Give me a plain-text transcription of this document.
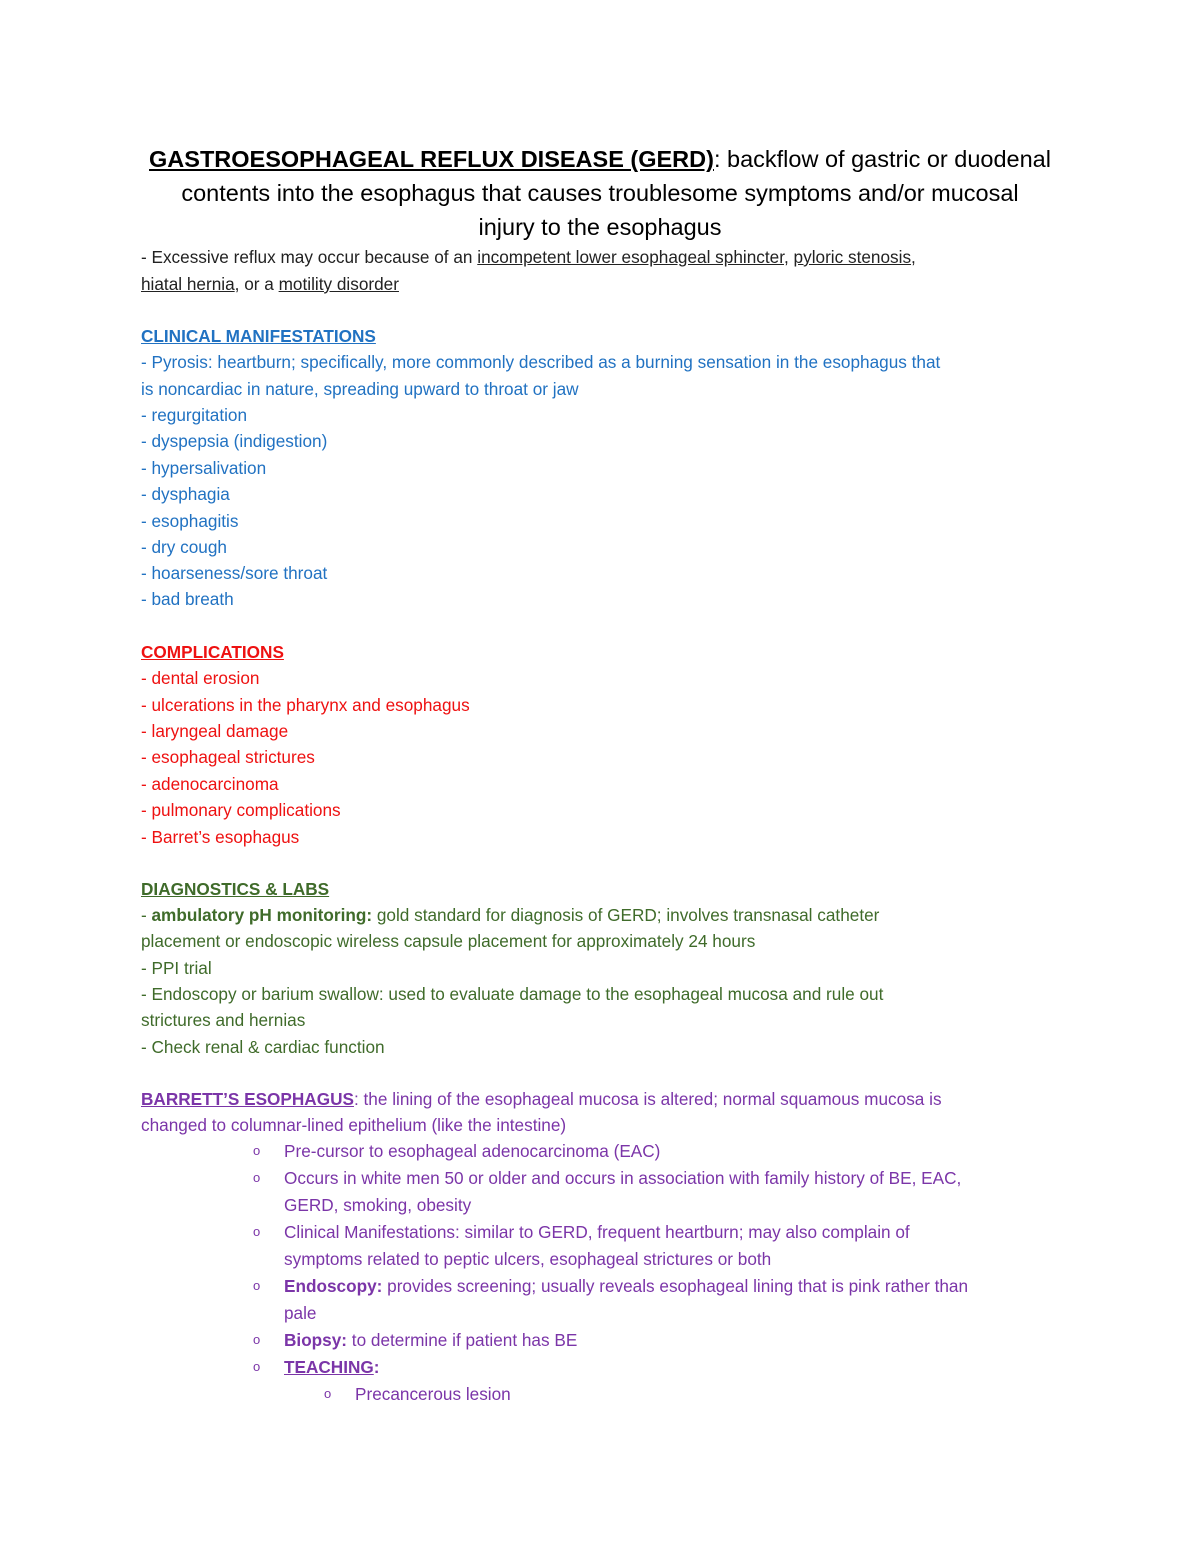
GASTROESOPHAGEAL REFLUX DISEASE (GERD): backflow of gastric or duodenal
contents into the esophagus that causes troublesome symptoms and/or mucosal
injury to the esophagus
- Excessive reflux may occur because of an incompetent lower esophageal sphincter, pyloric stenosis,
hiatal hernia, or a motility disorder
CLINICAL MANIFESTATIONS
- Pyrosis: heartburn; specifically, more commonly described as a burning sensation in the esophagus that
is noncardiac in nature, spreading upward to throat or jaw
- regurgitation
- dyspepsia (indigestion)
- hypersalivation
- dysphagia
- esophagitis
- dry cough
- hoarseness/sore throat
- bad breath
COMPLICATIONS
- dental erosion
- ulcerations in the pharynx and esophagus
- laryngeal damage
- esophageal strictures
- adenocarcinoma
- pulmonary complications
- Barret’s esophagus
DIAGNOSTICS & LABS
- ambulatory pH monitoring: gold standard for diagnosis of GERD; involves transnasal catheter
placement or endoscopic wireless capsule placement for approximately 24 hours
- PPI trial
- Endoscopy or barium swallow: used to evaluate damage to the esophageal mucosa and rule out
strictures and hernias
- Check renal & cardiac function
BARRETT’S ESOPHAGUS: the lining of the esophageal mucosa is altered; normal squamous mucosa is
changed to columnar-lined epithelium (like the intestine)
o Pre-cursor to esophageal adenocarcinoma (EAC)
o Occurs in white men 50 or older and occurs in association with family history of BE, EAC,
GERD, smoking, obesity
o Clinical Manifestations: similar to GERD, frequent heartburn; may also complain of
symptoms related to peptic ulcers, esophageal strictures or both
o Endoscopy: provides screening; usually reveals esophageal lining that is pink rather than
pale
o Biopsy: to determine if patient has BE
o TEACHING:
o Precancerous lesion
